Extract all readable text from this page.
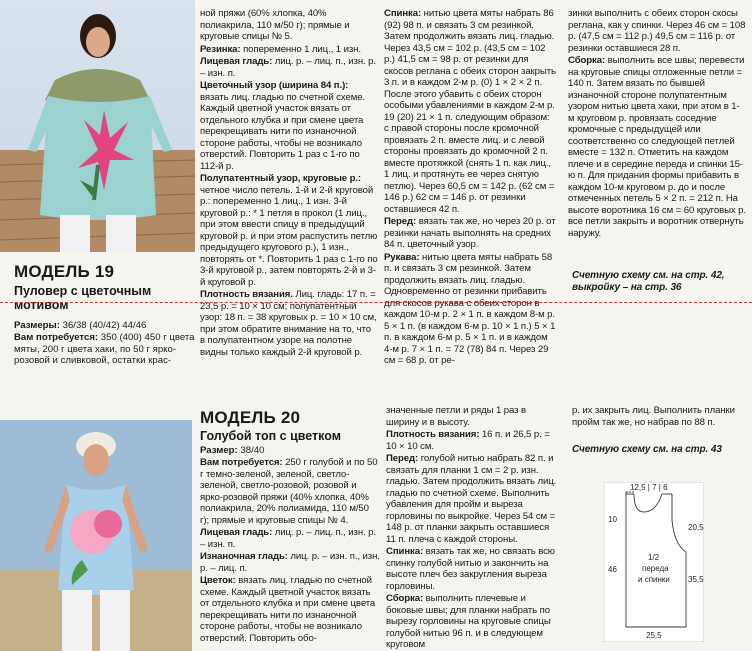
МОДЕЛЬ 19
Пуловер с цветочным
мотивом
Размеры: 36/38 (40/42) 44/46
Вам потребуется: 350 (400) 450 г цвета мяты, 200 г цвета хаки, по 50 г ярко-розовой и сливковой, остатки крас-

ной пряжи (60% хлопка, 40% полиакрила, 110 м/50 г); прямые и круговые спицы № 5.

Резинка: попеременно 1 лиц., 1 изн.

Лицевая гладь: лиц. р. – лиц. п., изн. р. – изн. п.

Цветочный узор (ширина 84 п.): вязать лиц. гладью по счетной схеме. Каждый цветной участок вязать от отдельного клубка и при смене цвета перекрещивать нити по изнаночной стороне работы, чтобы не возникало отверстий. Повторить 1 раз с 1-го по 112-й р.

Полупатентный узор, круговые р.: четное число петель. 1-й и 2-й круговой р.: попеременно 1 лиц., 1 изн. 3-й круговой р.: * 1 петля в прокол (1 лиц., при этом ввести спицу в предыдущий круговой р. и при этом распустить петлю предыдущего кругового р.), 1 изн., повторять от *. Повторить 1 раз с 1-го по 3-й круговой р., затем повторять 2-й и 3-й круговой р.

Плотность вязания. Лиц. гладь: 17 п. = 23,5 р. = 10 × 10 см; полупатентный узор: 18 п. = 38 круговых р. = 10 × 10 см, при этом обратите внимание на то, что в полупатентном узоре на полотне видны только каждый 2-й круговой р.

Спинка: нитью цвета мяты набрать 86 (92) 98 п. и связать 3 см резинкой. Затем продолжить вязать лиц. гладью. Через 43,5 см = 102 р. (43,5 см = 102 р.) 41,5 см = 98 р. от резинки для скосов реглана с обеих сторон закрыть 3 п. и в каждом 2-м р. (0) 1 × 2 × 2 п. После этого убавить с обеих сторон особыми убавлениями в каждом 2-м р. 19 (20) 21 × 1 п. следующим образом: с правой стороны после кромочной провязать 2 п. вместе лиц. и с левой стороны провязать до кромочной 2 п. вместе протяжкой (снять 1 п. как лиц., 1 лиц. и протянуть ее через снятую петлю). Через 60,5 см = 142 р. (62 см = 146 р.) 62 см = 146 р. от резинки оставшиеся 42 п.

Перед: вязать так же, но через 20 р. от резинки начать выполнять на средних 84 п. цветочный узор.

Рукава: нитью цвета мяты набрать 58 п. и связать 3 см резинкой. Затем продолжить вязать лиц. гладью. Одновременно от резинки прибавить для скосов рукава с обеих сторон в каждом 10-м р. 2 × 1 п. в каждом 8-м р. 5 × 1 п. (в каждом 6-м р. 10 × 1 п.) 5 × 1 п. в каждом 6-м р. 5 × 1 п. и в каждом 4-м р. 7 × 1 п. = 72 (78) 84 п. Через 29 см = 68 р. от ре-

зинки выполнить с обеих сторон скосы реглана, как у спинки. Через 46 см = 108 р. (47,5 см = 112 р.) 49,5 см = 116 р. от резинки оставшиеся 28 п.

Сборка: выполнить все швы; перевести на круговые спицы отложенные петли = 140 п. Затем вязать по бывшей изнаночной стороне полупатентным узором нитью цвета хаки, при этом в 1-м круговом р. провязать соседние кромочные с предыдущей или соответственно со следующей петлей вместе = 132 п. Отметить на каждом плече и в середине переда и спинки 15-ю п. Для придания формы прибавить в каждом 10-м круговом р. до и после отмеченных петель 5 × 2 п. = 212 п. На высоте воротника 16 см = 60 круговых р. все петли закрыть и воротник отвернуть наружу.

Счетную схему см. на стр. 42, выкройку – на стр. 36
МОДЕЛЬ 20
Голубой топ с цветком
Размер: 38/40

Вам потребуется: 250 г голубой и по 50 г темно-зеленой, зеленой, светло-зеленой, светло-розовой, розовой и ярко-розовой пряжи (40% хлопка, 40% полиакрила, 20% полиамида, 110 м/50 г); прямые и круговые спицы № 4.

Лицевая гладь: лиц. р. – лиц. п., изн. р. – изн. п.

Изнаночная гладь: лиц. р. – изн. п., изн. р. – лиц. п.

Цветок: вязать лиц. гладью по счетной схеме. Каждый цветной участок вязать от отдельного клубка и при смене цвета перекрещивать нити по изнаночной стороне работы, чтобы не возникало отверстий. Повторить обо-

значенные петли и ряды 1 раз в ширину и в высоту.

Плотность вязания: 16 п. и 26,5 р. = 10 × 10 см.

Перед: голубой нитью набрать 82 п. и связать для планки 1 см = 2 р. изн. гладью. Затем продолжить вязать лиц. гладью по счетной схеме. Выполнить убавления для пройм и выреза горловины по выкройке. Через 54 см = 148 р. от планки закрыть оставшиеся 11 п. плеча с каждой стороны.

Спинка: вязать так же, но связать всю спинку голубой нитью и закончить на высоте плеч без закругления выреза горловины.

Сборка: выполнить плечевые и боковые швы; для планки набрать по вырезу горловины на круговые спицы голубой нитью 96 п. и в следующем круговом

р. их закрыть лиц. Выполнить планки пройм так же, но набрав по 88 п.

Счетную схему см. на стр. 43
12,5 | 7 | 6
10
20,5
46
35,5
1/2
переда
и спинки
25,5
